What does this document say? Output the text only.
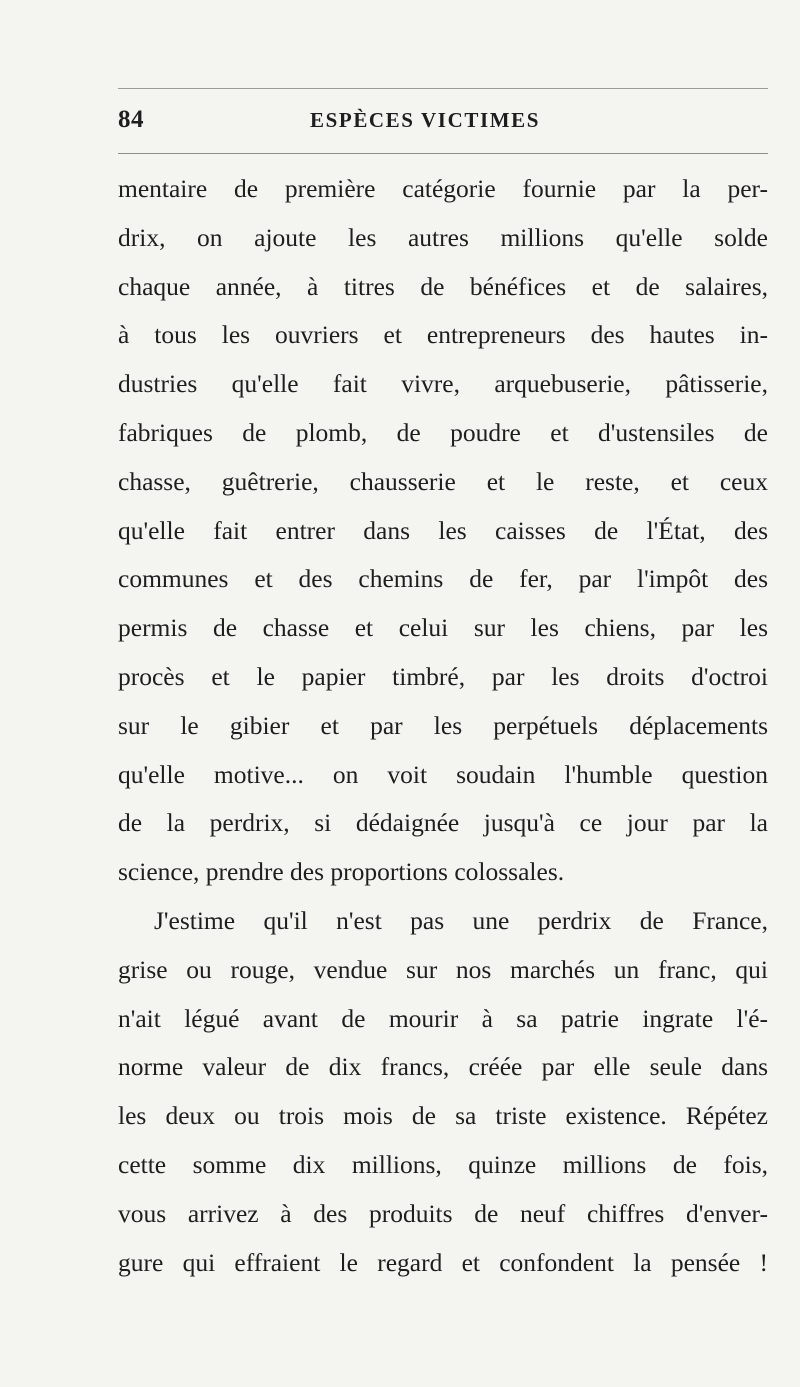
84	ESPÈCES VICTIMES
mentaire de première catégorie fournie par la per-
drix, on ajoute les autres millions qu'elle solde
chaque année, à titres de bénéfices et de salaires,
à tous les ouvriers et entrepreneurs des hautes in-
dustries qu'elle fait vivre, arquebuserie, pâtisserie,
fabriques de plomb, de poudre et d'ustensiles de
chasse, guêtrerie, chausserie et le reste, et ceux
qu'elle fait entrer dans les caisses de l'État, des
communes et des chemins de fer, par l'impôt des
permis de chasse et celui sur les chiens, par les
procès et le papier timbré, par les droits d'octroi
sur le gibier et par les perpétuels déplacements
qu'elle motive... on voit soudain l'humble question
de la perdrix, si dédaignée jusqu'à ce jour par la
science, prendre des proportions colossales.
J'estime qu'il n'est pas une perdrix de France,
grise ou rouge, vendue sur nos marchés un franc, qui
n'ait légué avant de mourir à sa patrie ingrate l'é-
norme valeur de dix francs, créée par elle seule dans
les deux ou trois mois de sa triste existence. Répétez
cette somme dix millions, quinze millions de fois,
vous arrivez à des produits de neuf chiffres d'enver-
gure qui effraient le regard et confondent la pensée !
